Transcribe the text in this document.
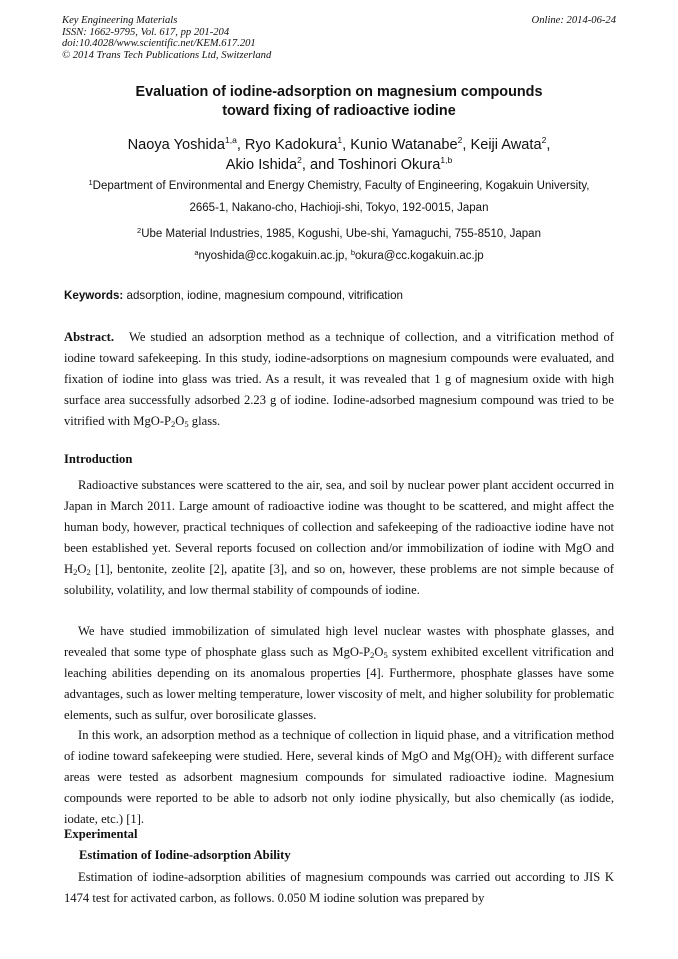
Key Engineering Materials
ISSN: 1662-9795, Vol. 617, pp 201-204
doi:10.4028/www.scientific.net/KEM.617.201
© 2014 Trans Tech Publications Ltd, Switzerland
Online: 2014-06-24
Evaluation of iodine-adsorption on magnesium compounds
toward fixing of radioactive iodine
Naoya Yoshida$^{1,a}$, Ryo Kadokura$^1$, Kunio Watanabe$^2$, Keiji Awata$^2$,
Akio Ishida$^2$, and Toshinori Okura$^{1,b}$
$^1$Department of Environmental and Energy Chemistry, Faculty of Engineering, Kogakuin University,
2665-1, Nakano-cho, Hachioji-shi, Tokyo, 192-0015, Japan
$^2$Ube Material Industries, 1985, Kogushi, Ube-shi, Yamaguchi, 755-8510, Japan
$^a$nyoshida@cc.kogakuin.ac.jp, $^b$okura@cc.kogakuin.ac.jp
Keywords: adsorption, iodine, magnesium compound, vitrification
Abstract. We studied an adsorption method as a technique of collection, and a vitrification method of iodine toward safekeeping. In this study, iodine-adsorptions on magnesium compounds were evaluated, and fixation of iodine into glass was tried. As a result, it was revealed that 1 g of magnesium oxide with high surface area successfully adsorbed 2.23 g of iodine. Iodine-adsorbed magnesium compound was tried to be vitrified with MgO-$P_2O_5$ glass.
Introduction
Radioactive substances were scattered to the air, sea, and soil by nuclear power plant accident occurred in Japan in March 2011. Large amount of radioactive iodine was thought to be scattered, and might affect the human body, however, practical techniques of collection and safekeeping of the radioactive iodine have not been established yet. Several reports focused on collection and/or immobilization of iodine with MgO and $H_2O_2$ [1], bentonite, zeolite [2], apatite [3], and so on, however, these problems are not simple because of solubility, volatility, and low thermal stability of compounds of iodine.
We have studied immobilization of simulated high level nuclear wastes with phosphate glasses, and revealed that some type of phosphate glass such as MgO-$P_2O_5$ system exhibited excellent vitrification and leaching abilities depending on its anomalous properties [4]. Furthermore, phosphate glasses have some advantages, such as lower melting temperature, lower viscosity of melt, and higher solubility for problematic elements, such as sulfur, over borosilicate glasses.
In this work, an adsorption method as a technique of collection in liquid phase, and a vitrification method of iodine toward safekeeping were studied. Here, several kinds of MgO and $Mg(OH)_2$ with different surface areas were tested as adsorbent magnesium compounds for simulated radioactive iodine. Magnesium compounds were reported to be able to adsorb not only iodine physically, but also chemically (as iodide, iodate, etc.) [1].
Experimental
Estimation of Iodine-adsorption Ability
Estimation of iodine-adsorption abilities of magnesium compounds was carried out according to JIS K 1474 test for activated carbon, as follows. 0.050 M iodine solution was prepared by
